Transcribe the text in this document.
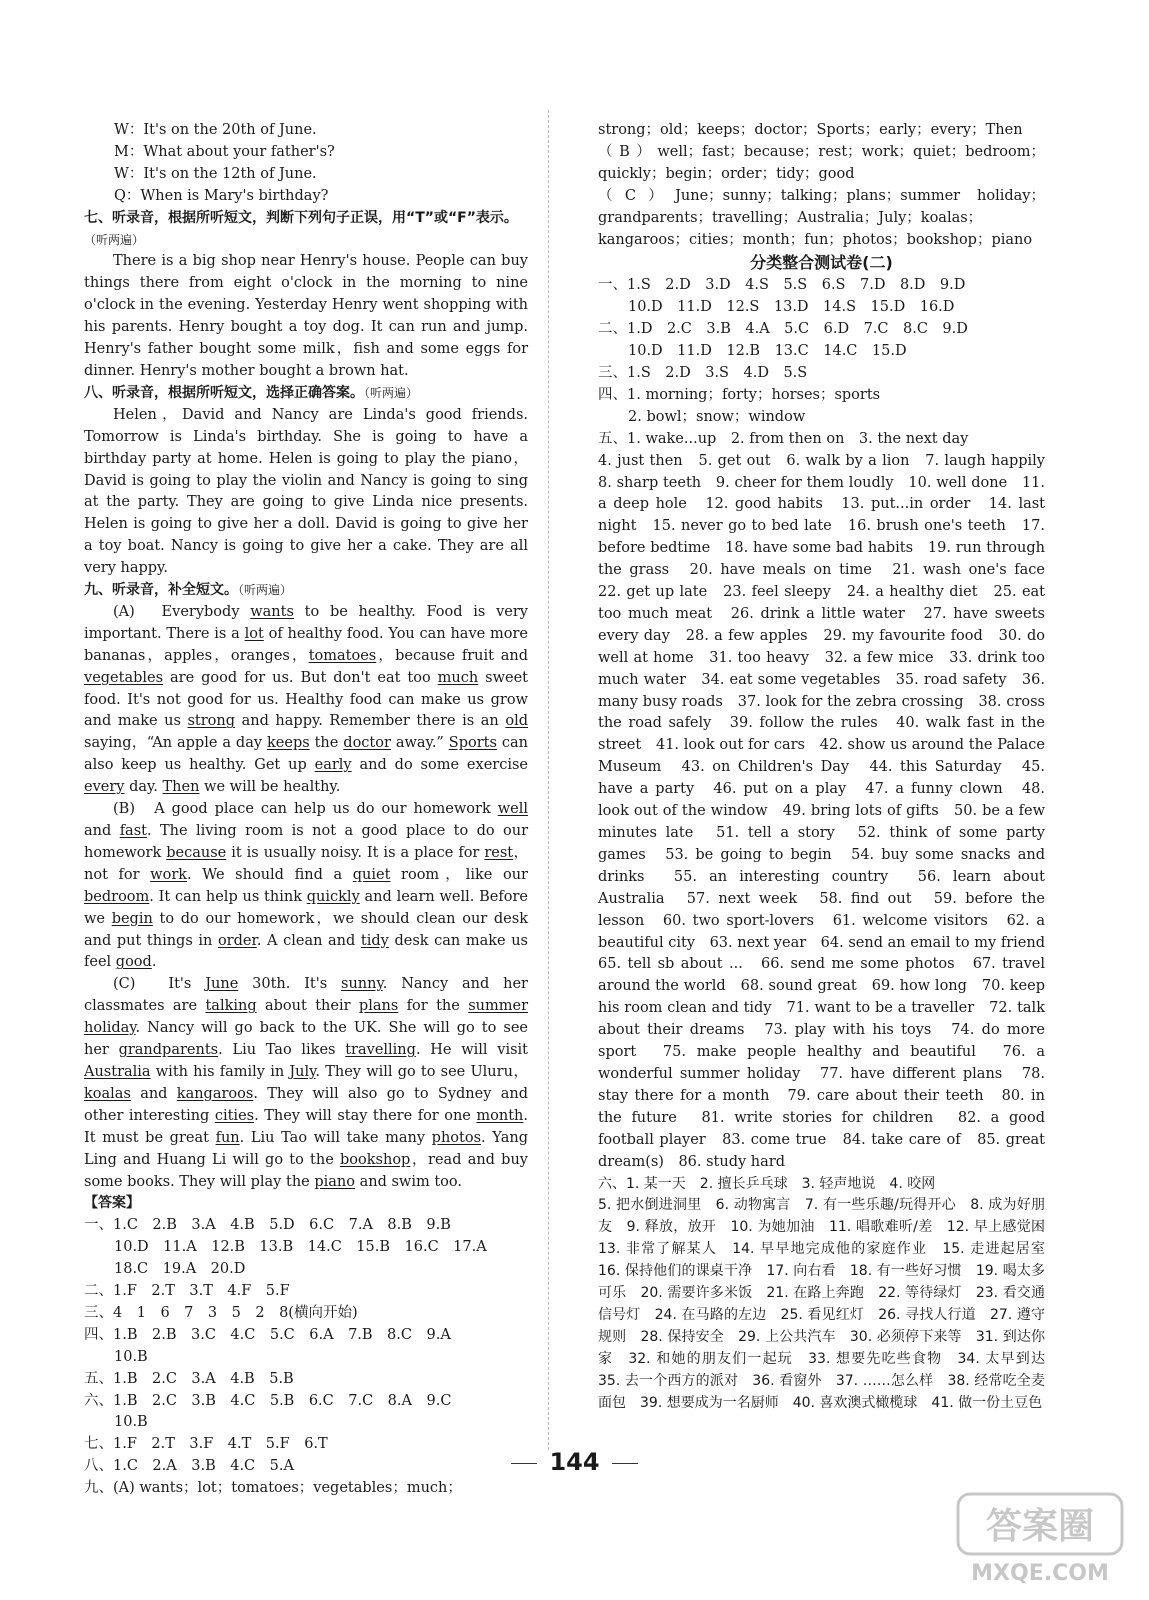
W：It's on the 20th of June.

M：What about your father's?

W：It's on the 12th of June.

Q：When is Mary's birthday?

七、听录音，根据所听短文，判断下列句子正误，用“T”或“F”表示。
（听两遍）

There is a big shop near Henry's house. People can buy things there from eight o'clock in the morning to nine o'clock in the evening. Yesterday Henry went shopping with his parents. Henry bought a toy dog. It can run and jump. Henry's father bought some milk，fish and some eggs for dinner. Henry's mother bought a brown hat.

八、听录音，根据所听短文，选择正确答案。（听两遍）

Helen，David and Nancy are Linda's good friends. Tomorrow is Linda's birthday. She is going to have a birthday party at home. Helen is going to play the piano，David is going to play the violin and Nancy is going to sing at the party. They are going to give Linda nice presents. Helen is going to give her a doll. David is going to give her a toy boat. Nancy is going to give her a cake. They are all very happy.

九、听录音，补全短文。（听两遍）

(A)　Everybody wants to be healthy. Food is very important. There is a lot of healthy food. You can have more bananas，apples，oranges，tomatoes，because fruit and vegetables are good for us. But don't eat too much sweet food. It's not good for us. Healthy food can make us grow and make us strong and happy. Remember there is an old saying，“An apple a day keeps the doctor away.” Sports can also keep us healthy. Get up early and do some exercise every day. Then we will be healthy.

(B)　A good place can help us do our homework well and fast. The living room is not a good place to do our homework because it is usually noisy. It is a place for rest，not for work. We should find a quiet room，like our bedroom. It can help us think quickly and learn well. Before we begin to do our homework，we should clean our desk and put things in order. A clean and tidy desk can make us feel good.

(C)　It's June 30th. It's sunny. Nancy and her classmates are talking about their plans for the summer holiday. Nancy will go back to the UK. She will go to see her grandparents. Liu Tao likes travelling. He will visit Australia with his family in July. They will go to see Uluru，koalas and kangaroos. They will also go to Sydney and other interesting cities. They will stay there for one month. It must be great fun. Liu Tao will take many photos. Yang Ling and Huang Li will go to the bookshop，read and buy some books. They will play the piano and swim too.

【答案】

一、1.C　2.B　3.A　4.B　5.D　6.C　7.A　8.B　9.B

10.D　11.A　12.B　13.B　14.C　15.B　16.C　17.A

18.C　19.A　20.D

二、1.F　2.T　3.T　4.F　5.F

三、4　1　6　7　3　5　2　8(横向开始)

四、1.B　2.B　3.C　4.C　5.C　6.A　7.B　8.C　9.A

10.B

五、1.B　2.C　3.A　4.B　5.B

六、1.B　2.C　3.B　4.C　5.B　6.C　7.C　8.A　9.C

10.B

七、1.F　2.T　3.F　4.T　5.F　6.T

八、1.C　2.A　3.B　4.C　5.A

九、(A) wants；lot；tomatoes；vegetables；much；

strong；old；keeps；doctor；Sports；early；every；Then

（B）well；fast；because；rest；work；quiet；bedroom；quickly；begin；order；tidy；good

（C）June；sunny；talking；plans；summer holiday；grandparents；travelling；Australia；July；koalas；kangaroos；cities；month；fun；photos；bookshop；piano

分类整合测试卷(二)

一、1.S　2.D　3.D　4.S　5.S　6.S　7.D　8.D　9.D

10.D　11.D　12.S　13.D　14.S　15.D　16.D

二、1.D　2.C　3.B　4.A　5.C　6.D　7.C　8.C　9.D

10.D　11.D　12.B　13.C　14.C　15.D

三、1.S　2.D　3.S　4.D　5.S

四、1. morning；forty；horses；sports

2. bowl；snow；window

五、1. wake...up　2. from then on　3. the next day

4. just then　5. get out　6. walk by a lion　7. laugh happily　8. sharp teeth　9. cheer for them loudly　10. well done　11. a deep hole　12. good habits　13. put...in order　14. last night　15. never go to bed late　16. brush one's teeth　17. before bedtime　18. have some bad habits　19. run through the grass　20. have meals on time　21. wash one's face　22. get up late　23. feel sleepy　24. a healthy diet　25. eat too much meat　26. drink a little water　27. have sweets every day　28. a few apples　29. my favourite food　30. do well at home　31. too heavy　32. a few mice　33. drink too much water　34. eat some vegetables　35. road safety　36. many busy roads　37. look for the zebra crossing　38. cross the road safely　39. follow the rules　40. walk fast in the street　41. look out for cars　42. show us around the Palace Museum　43. on Children's Day　44. this Saturday　45. have a party　46. put on a play　47. a funny clown　48. look out of the window　49. bring lots of gifts　50. be a few minutes late　51. tell a story　52. think of some party games　53. be going to begin　54. buy some snacks and drinks　55. an interesting country　56. learn about Australia　57. next week　58. find out　59. before the lesson　60. two sport-lovers　61. welcome visitors　62. a beautiful city　63. next year　64. send an email to my friend　65. tell sb about ...　66. send me some photos　67. travel around the world　68. sound great　69. how long　70. keep his room clean and tidy　71. want to be a traveller　72. talk about their dreams　73. play with his toys　74. do more sport　75. make people healthy and beautiful　76. a wonderful summer holiday　77. have different plans　78. stay there for a month　79. care about their teeth　80. in the future　81. write stories for children　82. a good football player　83. come true　84. take care of　85. great dream(s)　86. study hard

六、1. 某一天　2. 擅长乒乓球　3. 轻声地说　4. 咬网

5. 把水倒进洞里　6. 动物寓言　7. 有一些乐趣/玩得开心　8. 成为好朋友　9. 释放，放开　10. 为她加油　11. 唱歌难听/差　12. 早上感觉困　13. 非常了解某人　14. 早早地完成他的家庭作业　15. 走进起居室　16. 保持他们的课桌干净　17. 向右看　18. 有一些好习惯　19. 喝太多可乐　20. 需要许多米饭　21. 在路上奔跑　22. 等待绿灯　23. 看交通信号灯　24. 在马路的左边　25. 看见红灯　26. 寻找人行道　27. 遵守规则　28. 保持安全　29. 上公共汽车　30. 必须停下来等　31. 到达你家　32. 和她的朋友们一起玩　33. 想要先吃些食物　34. 太早到达　35. 去一个西方的派对　36. 看窗外　37. ……怎么样　38. 经常吃全麦面包　39. 想要成为一名厨师　40. 喜欢澳式橄榄球　41. 做一份土豆色

144
答案圈
MXQE.COM
